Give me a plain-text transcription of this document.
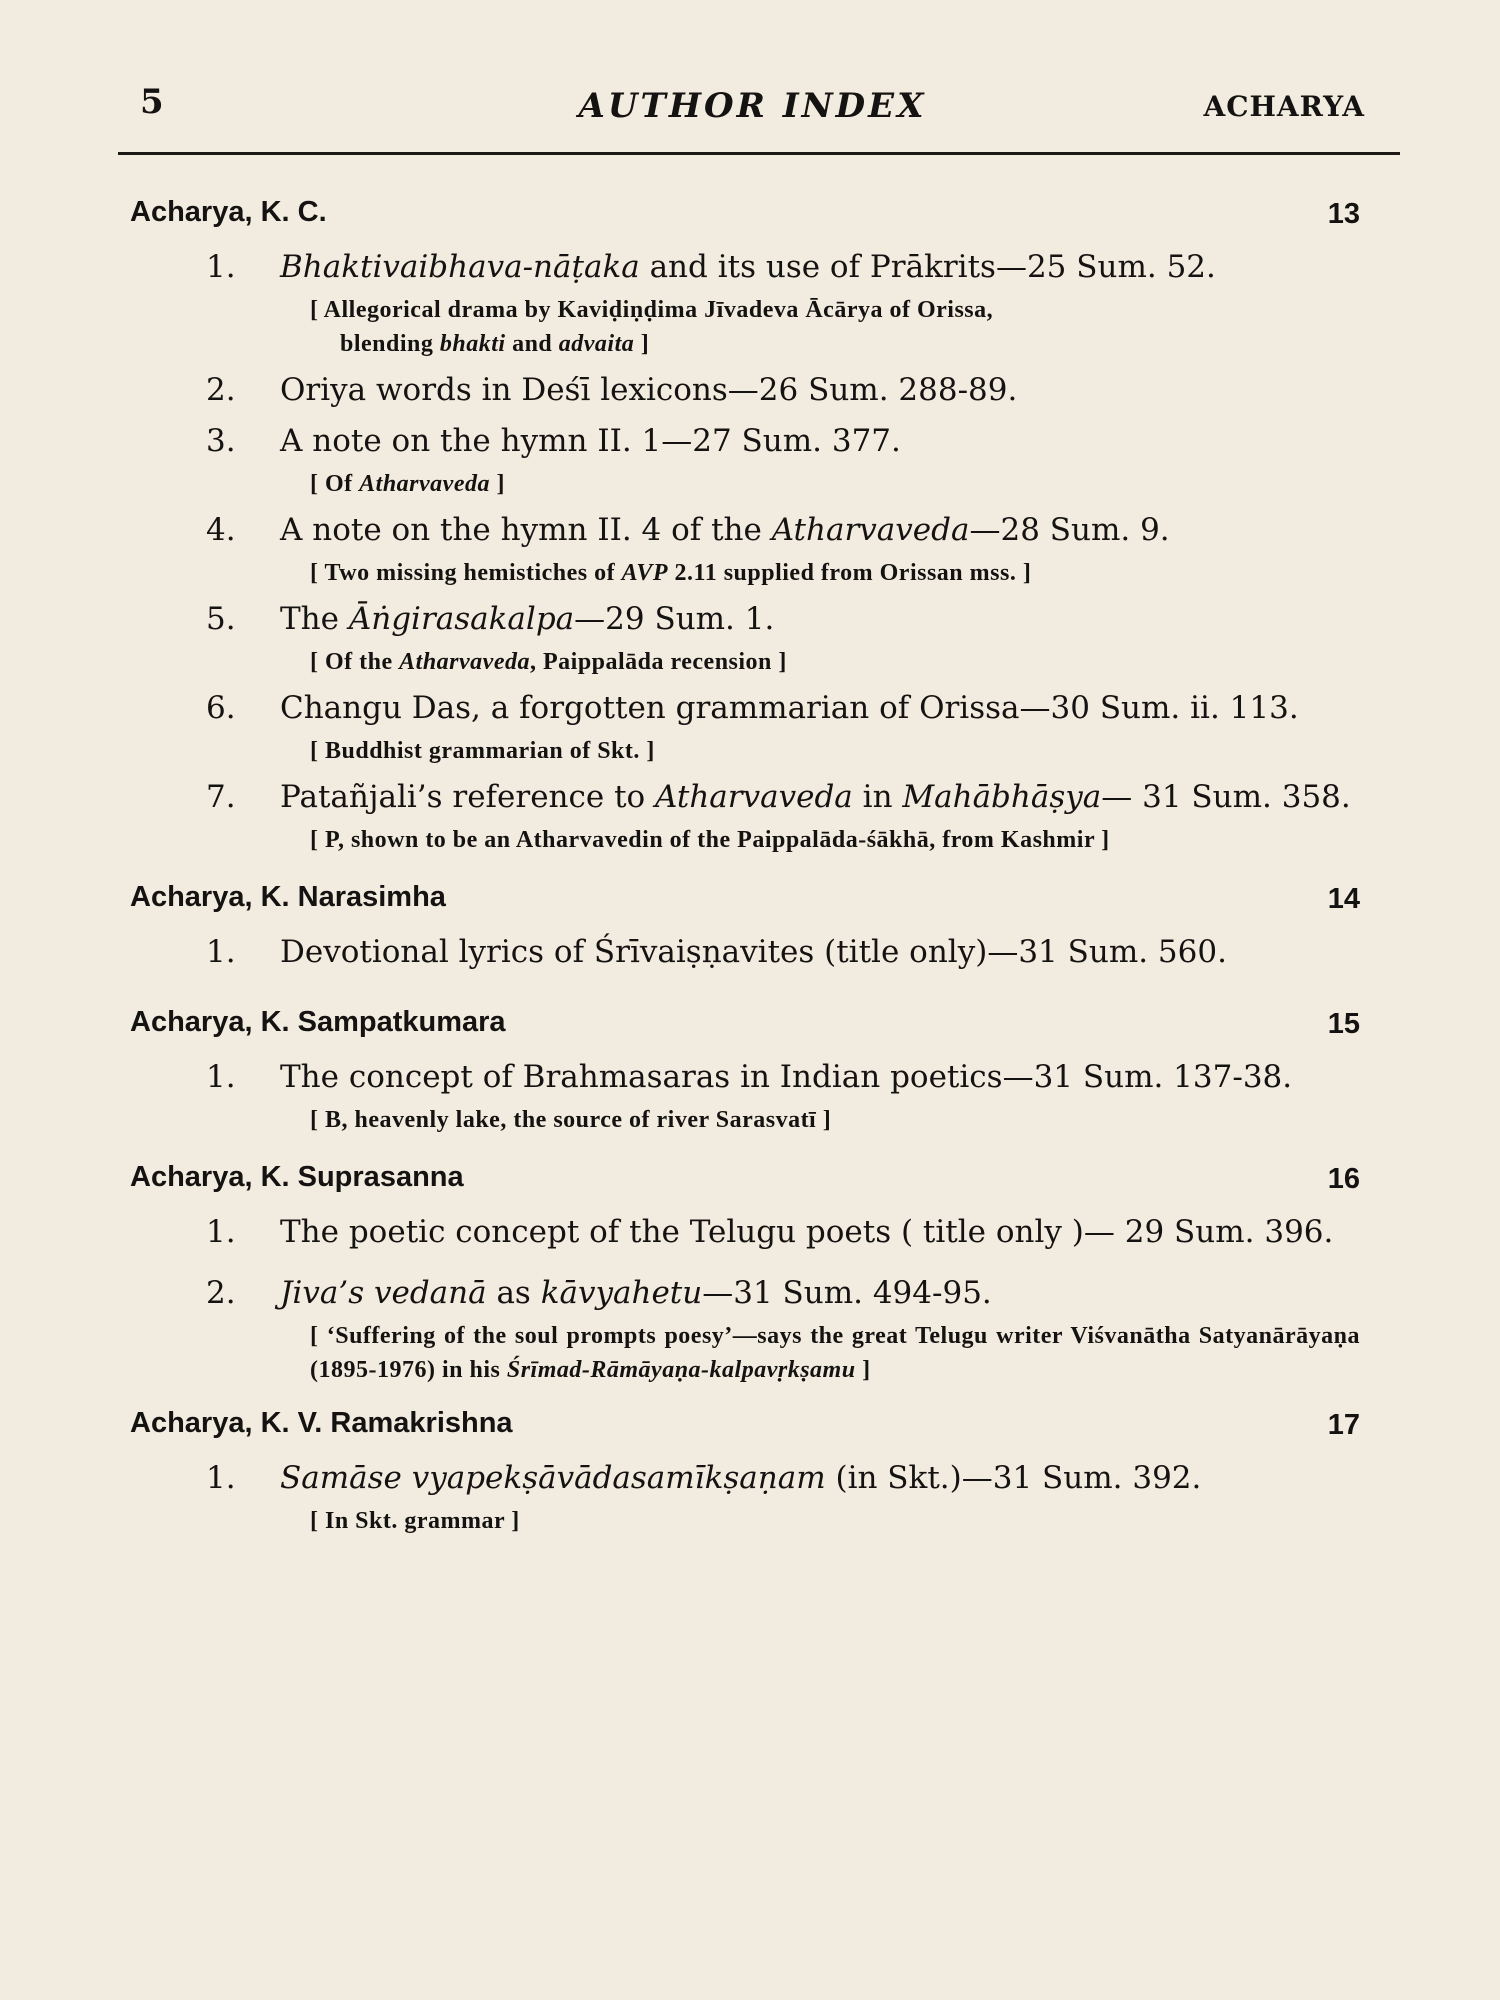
5	AUTHOR INDEX	ACHARYA
Acharya, K. C.	13
1. Bhaktivaibhava-nāṭaka and its use of Prākrits—25 Sum. 52.
[ Allegorical drama by Kaviḍiṇḍima Jīvadeva Ācārya of Orissa,
blending bhakti and advaita ]
2. Oriya words in Deśī lexicons—26 Sum. 288-89.
3. A note on the hymn II. 1—27 Sum. 377.
[ Of Atharvaveda ]
4. A note on the hymn II. 4 of the Atharvaveda—28 Sum. 9.
[ Two missing hemistiches of AVP 2.11 supplied from Orissan mss. ]
5. The Āṅgirasakalpa—29 Sum. 1.
[ Of the Atharvaveda, Paippalāda recension ]
6. Changu Das, a forgotten grammarian of Orissa—30 Sum. ii. 113.
[ Buddhist grammarian of Skt. ]
7. Patañjali’s reference to Atharvaveda in Mahābhāṣya— 31 Sum. 358.
[ P, shown to be an Atharvavedin of the Paippalāda-śākhā, from Kashmir ]
Acharya, K. Narasimha	14
1. Devotional lyrics of Śrīvaiṣṇavites (title only)—31 Sum. 560.
Acharya, K. Sampatkumara	15
1. The concept of Brahmasaras in Indian poetics—31 Sum. 137-38.
[ B, heavenly lake, the source of river Sarasvatī ]
Acharya, K. Suprasanna	16
1. The poetic concept of the Telugu poets ( title only )— 29 Sum. 396.
2. Jiva’s vedanā as kāvyahetu—31 Sum. 494-95.
[ ‘Suffering of the soul prompts poesy’—says the great Telugu writer Viśvanātha Satyanārāyaṇa (1895-1976) in his Śrīmad-Rāmāyaṇa-kalpavṛkṣamu ]
Acharya, K. V. Ramakrishna	17
1. Samāse vyapekṣāvādasamīkṣaṇam (in Skt.)—31 Sum. 392.
[ In Skt. grammar ]
